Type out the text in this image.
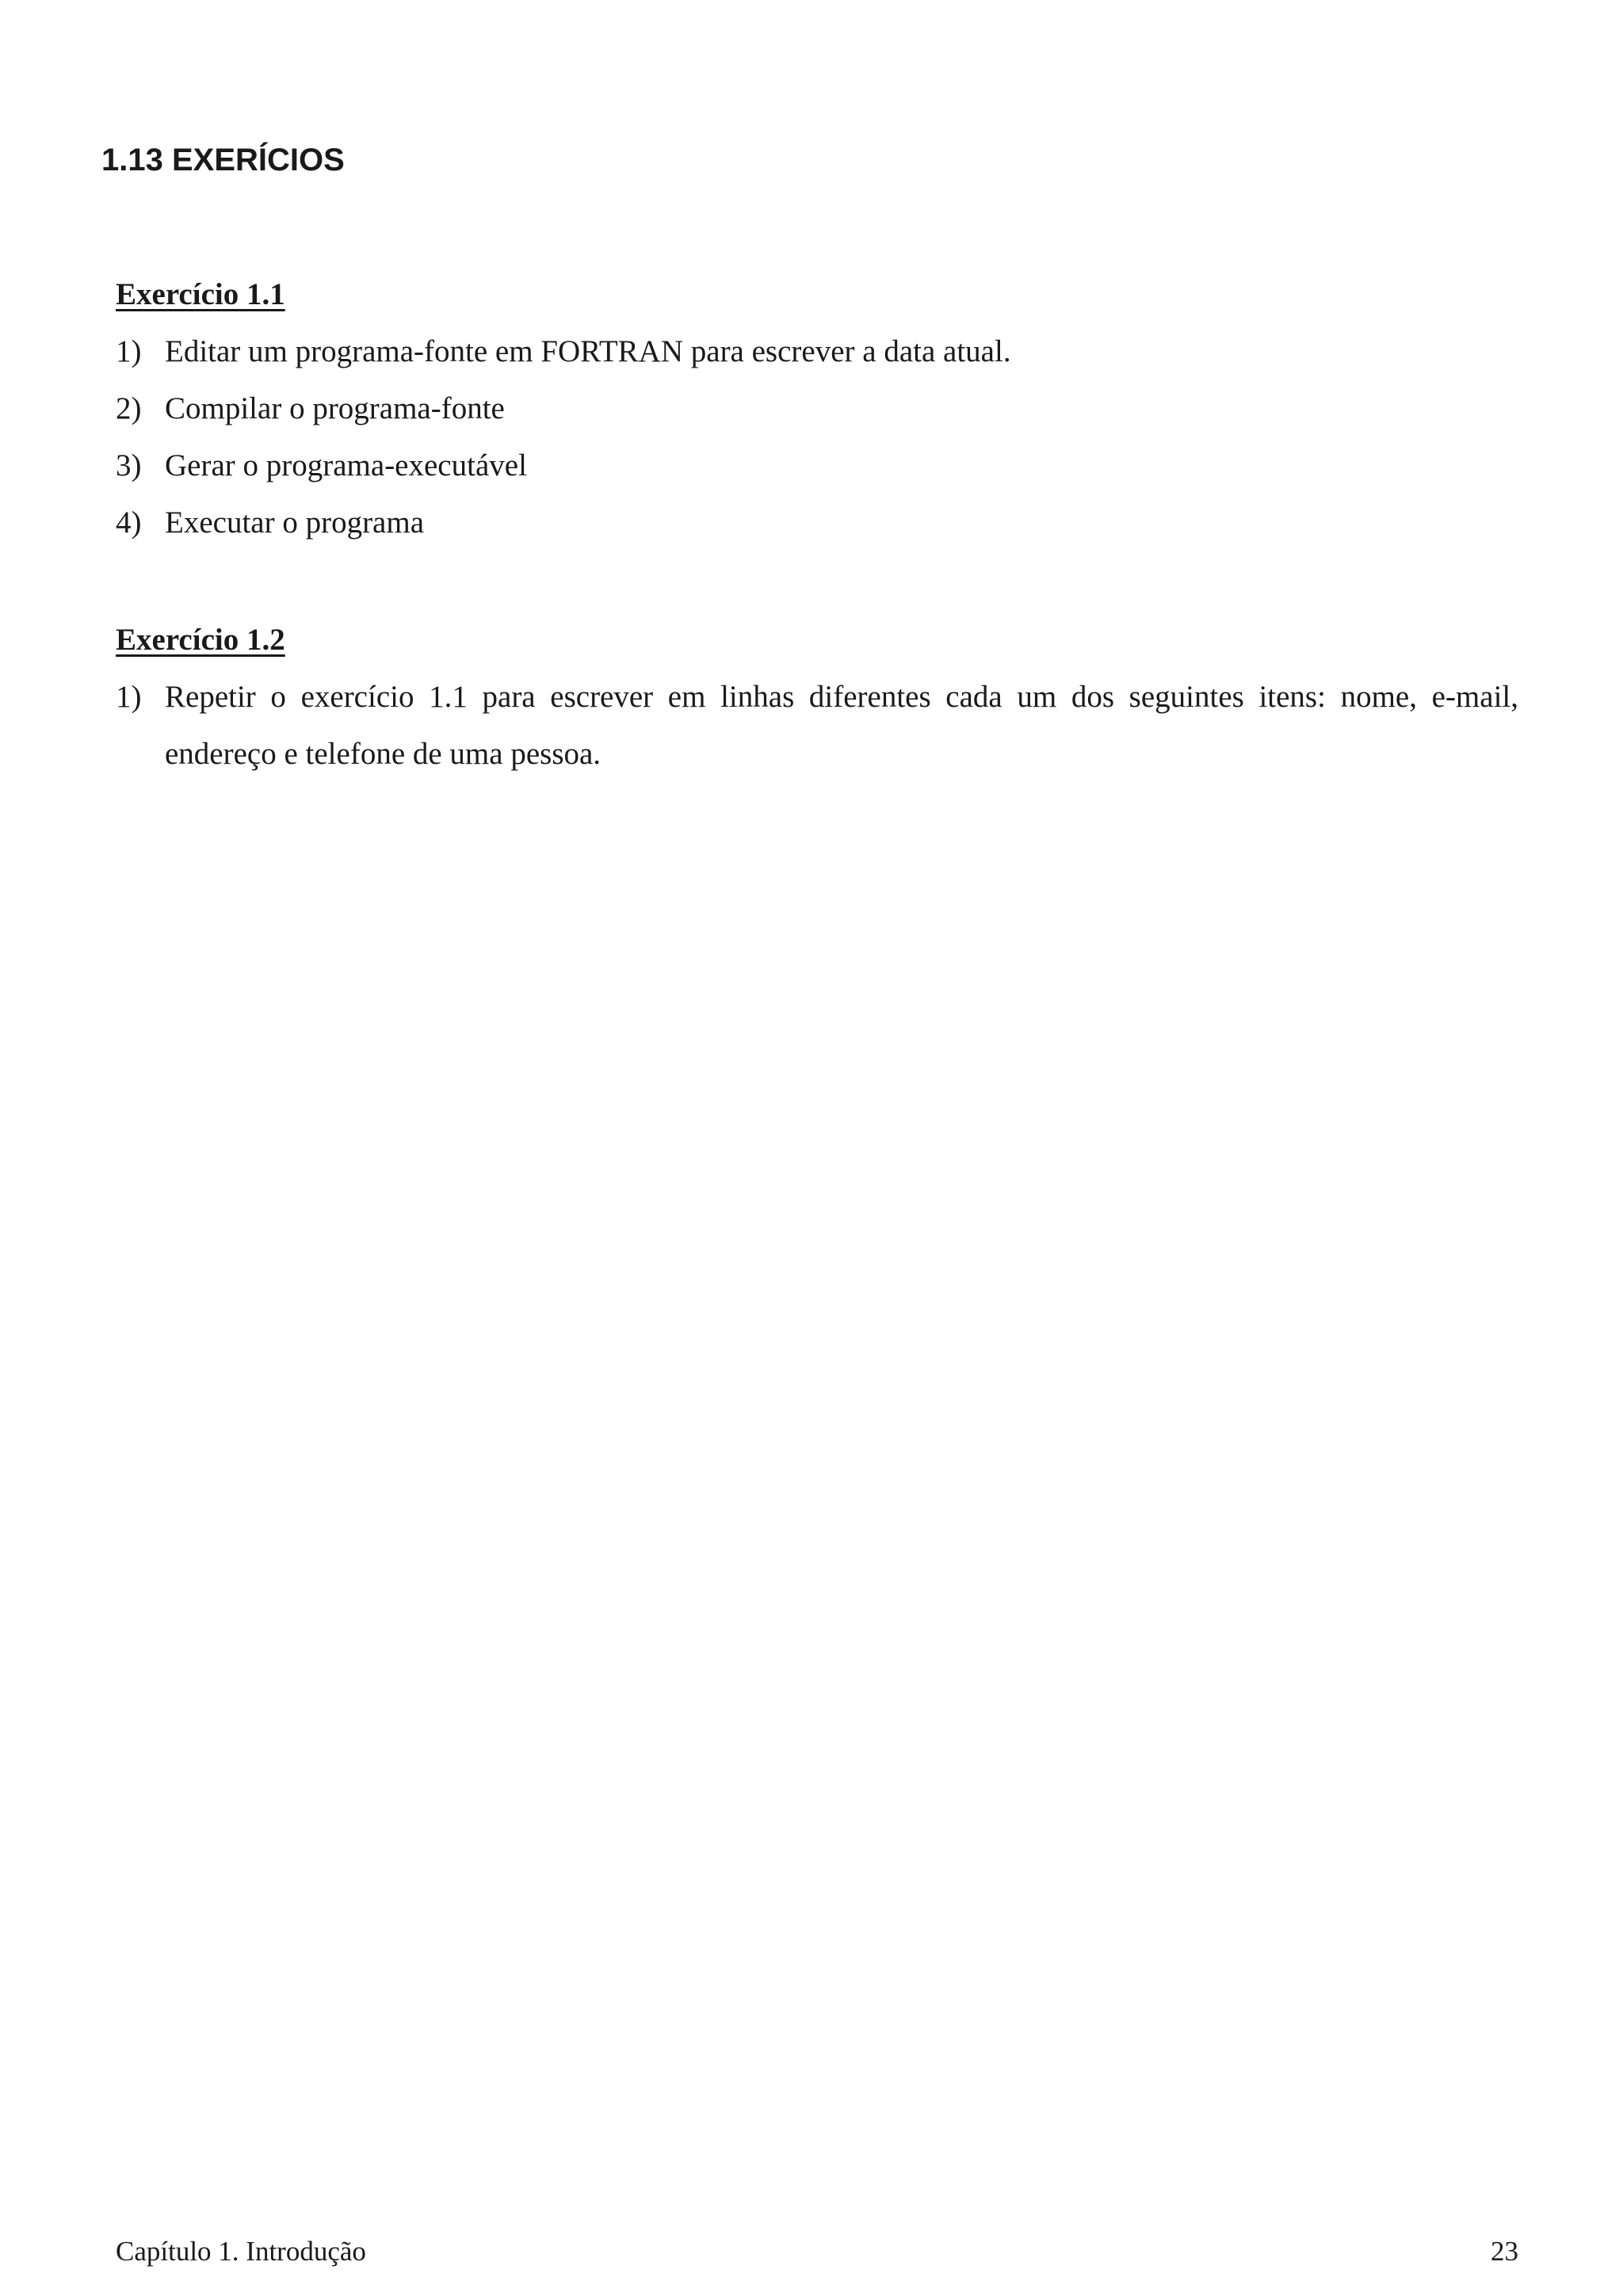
1.13 EXERÍCIOS
Exercício 1.1
1) Editar um programa-fonte em FORTRAN para escrever a data atual.
2) Compilar o programa-fonte
3) Gerar o programa-executável
4) Executar o programa
Exercício 1.2
1) Repetir o exercício 1.1 para escrever em linhas diferentes cada um dos seguintes itens: nome, e-mail, endereço e telefone de uma pessoa.
Capítulo 1. Introdução	23
